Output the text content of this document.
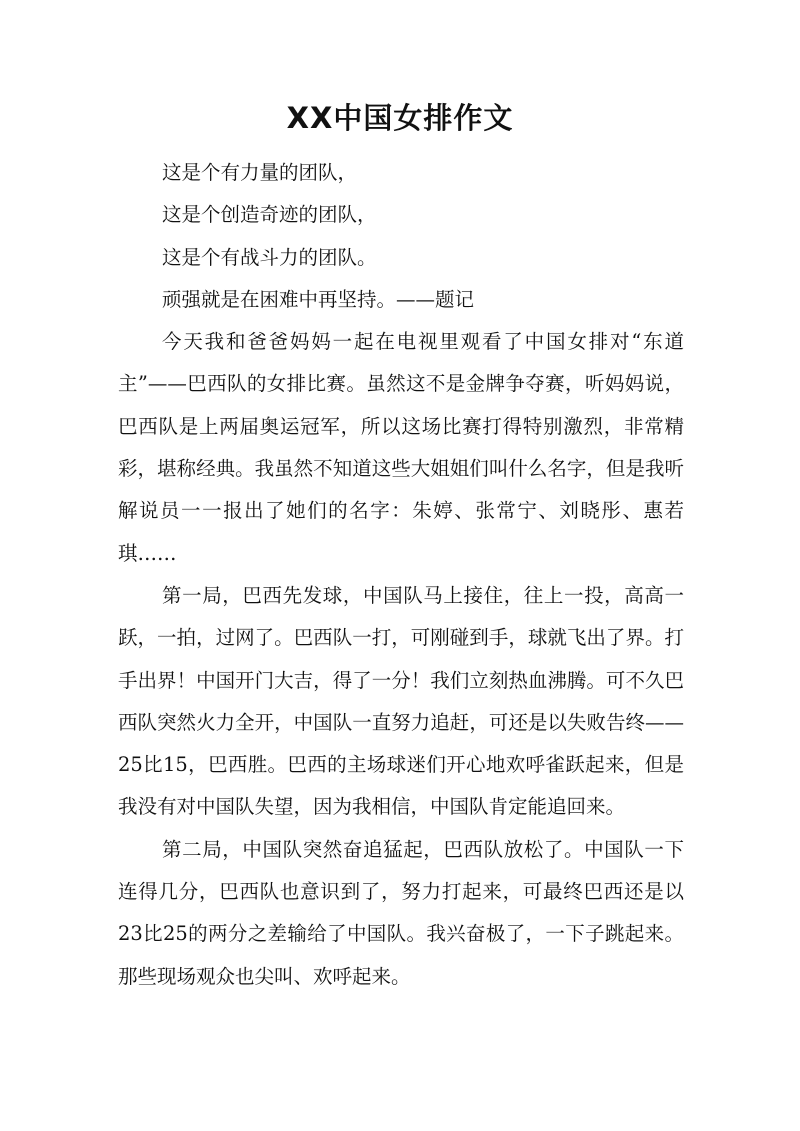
XX中国女排作文

这是个有力量的团队，

这是个创造奇迹的团队，

这是个有战斗力的团队。

顽强就是在困难中再坚持。——题记

今天我和爸爸妈妈一起在电视里观看了中国女排对“东道主”——巴西队的女排比赛。虽然这不是金牌争夺赛，听妈妈说，巴西队是上两届奥运冠军，所以这场比赛打得特别激烈，非常精彩，堪称经典。我虽然不知道这些大姐姐们叫什么名字，但是我听解说员一一报出了她们的名字：朱婷、张常宁、刘晓彤、惠若琪……

第一局，巴西先发球，中国队马上接住，往上一投，高高一跃，一拍，过网了。巴西队一打，可刚碰到手，球就飞出了界。打手出界！中国开门大吉，得了一分！我们立刻热血沸腾。可不久巴西队突然火力全开，中国队一直努力追赶，可还是以失败告终——25比15，巴西胜。巴西的主场球迷们开心地欢呼雀跃起来，但是我没有对中国队失望，因为我相信，中国队肯定能追回来。

第二局，中国队突然奋追猛起，巴西队放松了。中国队一下连得几分，巴西队也意识到了，努力打起来，可最终巴西还是以23比25的两分之差输给了中国队。我兴奋极了，一下子跳起来。那些现场观众也尖叫、欢呼起来。
